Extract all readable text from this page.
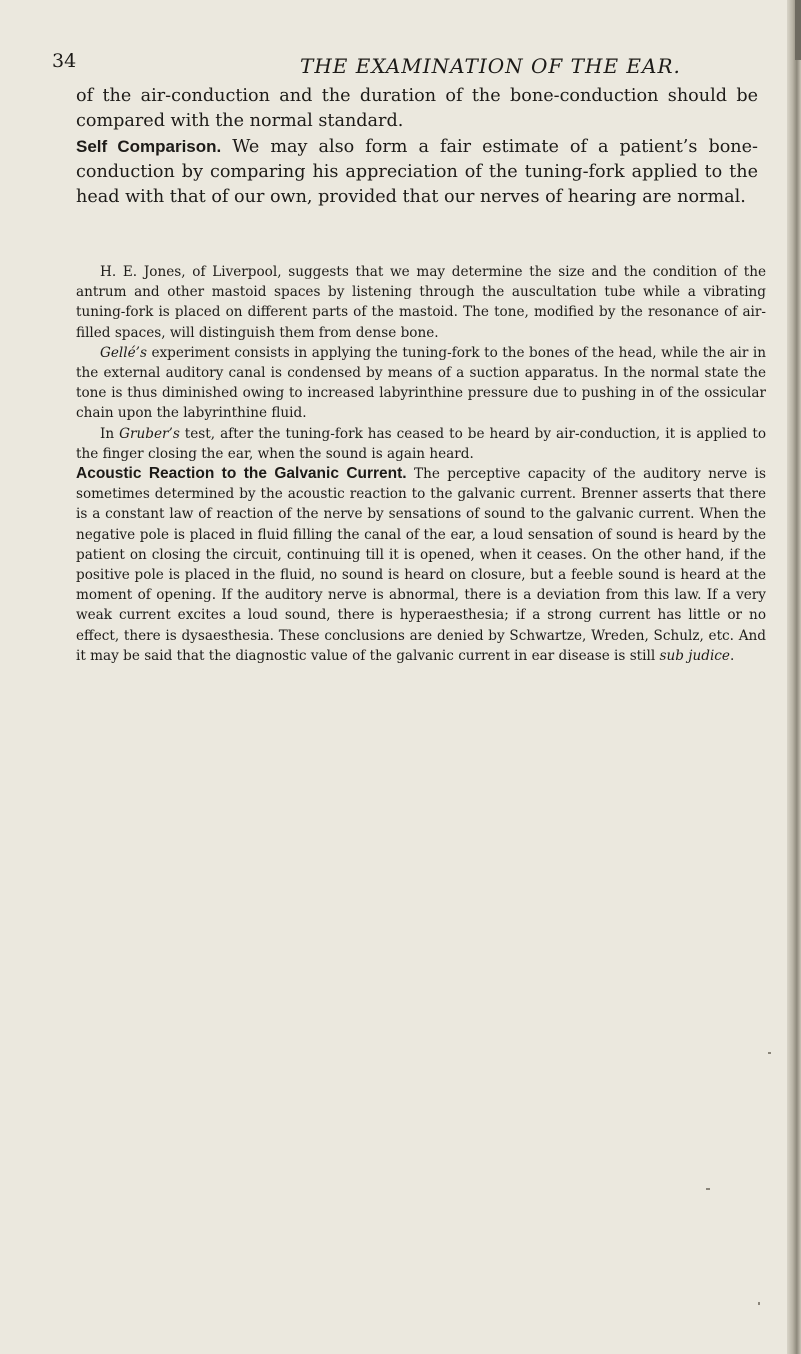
34	THE EXAMINATION OF THE EAR.

of the air-conduction and the duration of the bone-conduction should be compared with the normal standard.

Self Comparison. We may also form a fair estimate of a patient’s bone-conduction by comparing his appreciation of the tuning-fork applied to the head with that of our own, provided that our nerves of hearing are normal.

H. E. Jones, of Liverpool, suggests that we may determine the size and the condition of the antrum and other mastoid spaces by listening through the auscultation tube while a vibrating tuning-fork is placed on different parts of the mastoid. The tone, modified by the resonance of air-filled spaces, will distinguish them from dense bone.

Gellé’s experiment consists in applying the tuning-fork to the bones of the head, while the air in the external auditory canal is condensed by means of a suction apparatus. In the normal state the tone is thus diminished owing to increased labyrinthine pressure due to pushing in of the ossicular chain upon the labyrinthine fluid.

In Gruber’s test, after the tuning-fork has ceased to be heard by air-conduction, it is applied to the finger closing the ear, when the sound is again heard.

Acoustic Reaction to the Galvanic Current. The perceptive capacity of the auditory nerve is sometimes determined by the acoustic reaction to the galvanic current. Brenner asserts that there is a constant law of reaction of the nerve by sensations of sound to the galvanic current. When the negative pole is placed in fluid filling the canal of the ear, a loud sensation of sound is heard by the patient on closing the circuit, continuing till it is opened, when it ceases. On the other hand, if the positive pole is placed in the fluid, no sound is heard on closure, but a feeble sound is heard at the moment of opening. If the auditory nerve is abnormal, there is a deviation from this law. If a very weak current excites a loud sound, there is hyperaesthesia; if a strong current has little or no effect, there is dysaesthesia. These conclusions are denied by Schwartze, Wreden, Schulz, etc. And it may be said that the diagnostic value of the galvanic current in ear disease is still sub judice.
